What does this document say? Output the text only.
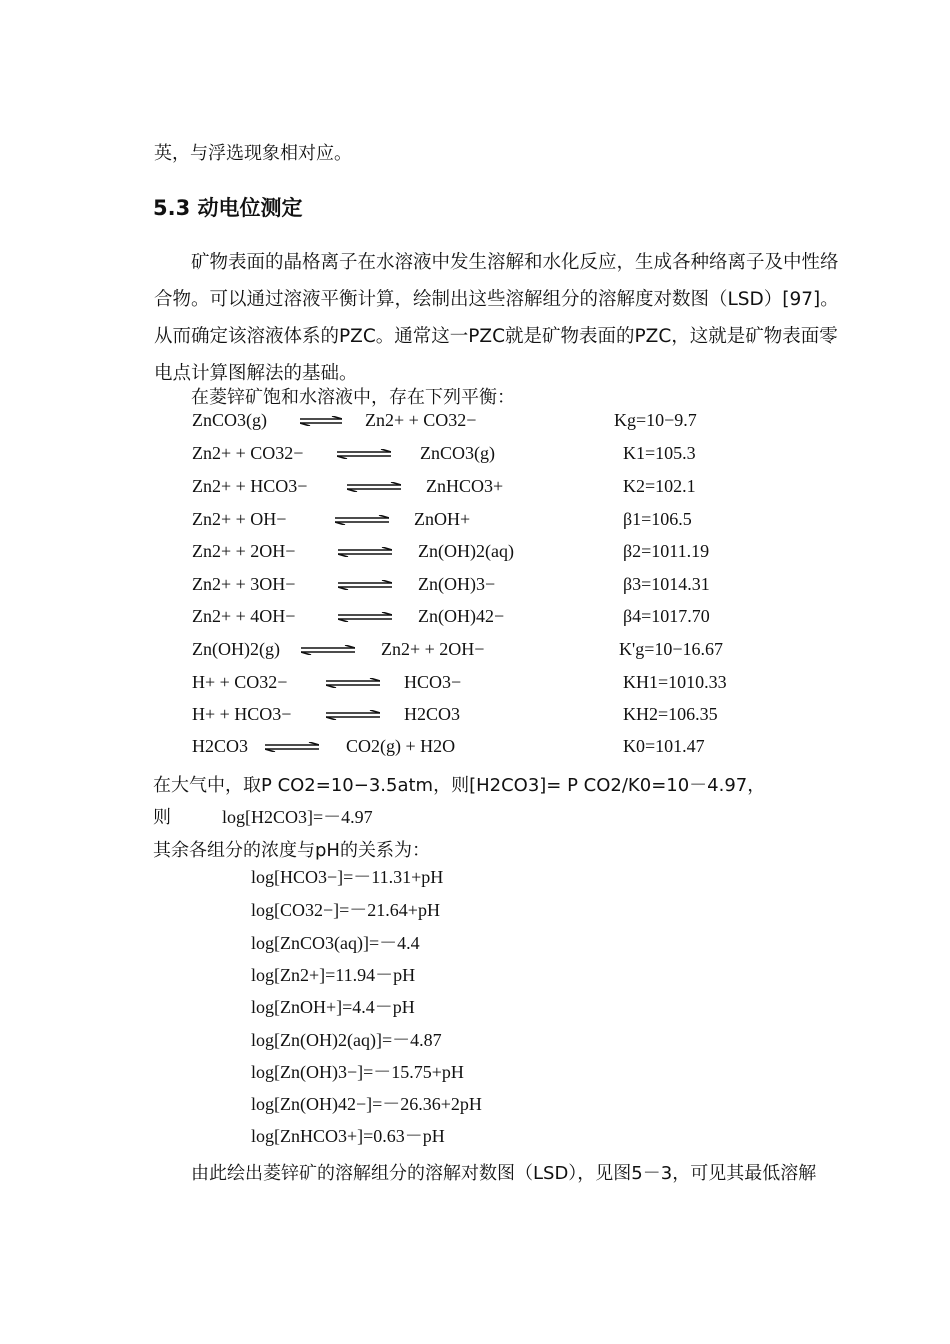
英，与浮选现象相对应。
5.3 动电位测定
矿物表面的晶格离子在水溶液中发生溶解和水化反应，生成各种络离子及中性络合物。可以通过溶液平衡计算，绘制出这些溶解组分的溶解度对数图（LSD）[97]。从而确定该溶液体系的PZC。通常这一PZC就是矿物表面的PZC，这就是矿物表面零电点计算图解法的基础。
在菱锌矿饱和水溶液中，存在下列平衡：
ZnCO3(g) ⇌ Zn2+ + CO32−	Kg=10−9.7
Zn2+ + CO32−	ZnCO3(g)	K1=105.3
Zn2+ + HCO3−	ZnHCO3+	K2=102.1
Zn2+ + OH−	ZnOH+	β1=106.5
Zn2+ + 2OH−	Zn(OH)2(aq)	β2=1011.19
Zn2+ + 3OH−	Zn(OH)3−	β3=1014.31
Zn2+ + 4OH−	Zn(OH)42−	β4=1017.70
Zn(OH)2(g) ⇌ Zn2+ + 2OH−	K'g=10−16.67
H+ + CO32− ⇌ HCO3−	KH1=1010.33
H+ + HCO3− ⇌ H2CO3	KH2=106.35
H2CO3 ⇌ CO2(g) + H2O	K0=101.47
在大气中，取P CO2=10−3.5atm，则[H2CO3]= P CO2/K0=10－4.97，
则	log[H2CO3]=－4.97
其余各组分的浓度与pH的关系为：
log[HCO3−]=－11.31+pH
log[CO32−]=－21.64+pH
log[ZnCO3(aq)]=－4.4
log[Zn2+]=11.94－pH
log[ZnOH+]=4.4－pH
log[Zn(OH)2(aq)]=－4.87
log[Zn(OH)3−]=－15.75+pH
log[Zn(OH)42−]=－26.36+2pH
log[ZnHCO3+]=0.63－pH
由此绘出菱锌矿的溶解组分的溶解对数图（LSD），见图5－3，可见其最低溶解
